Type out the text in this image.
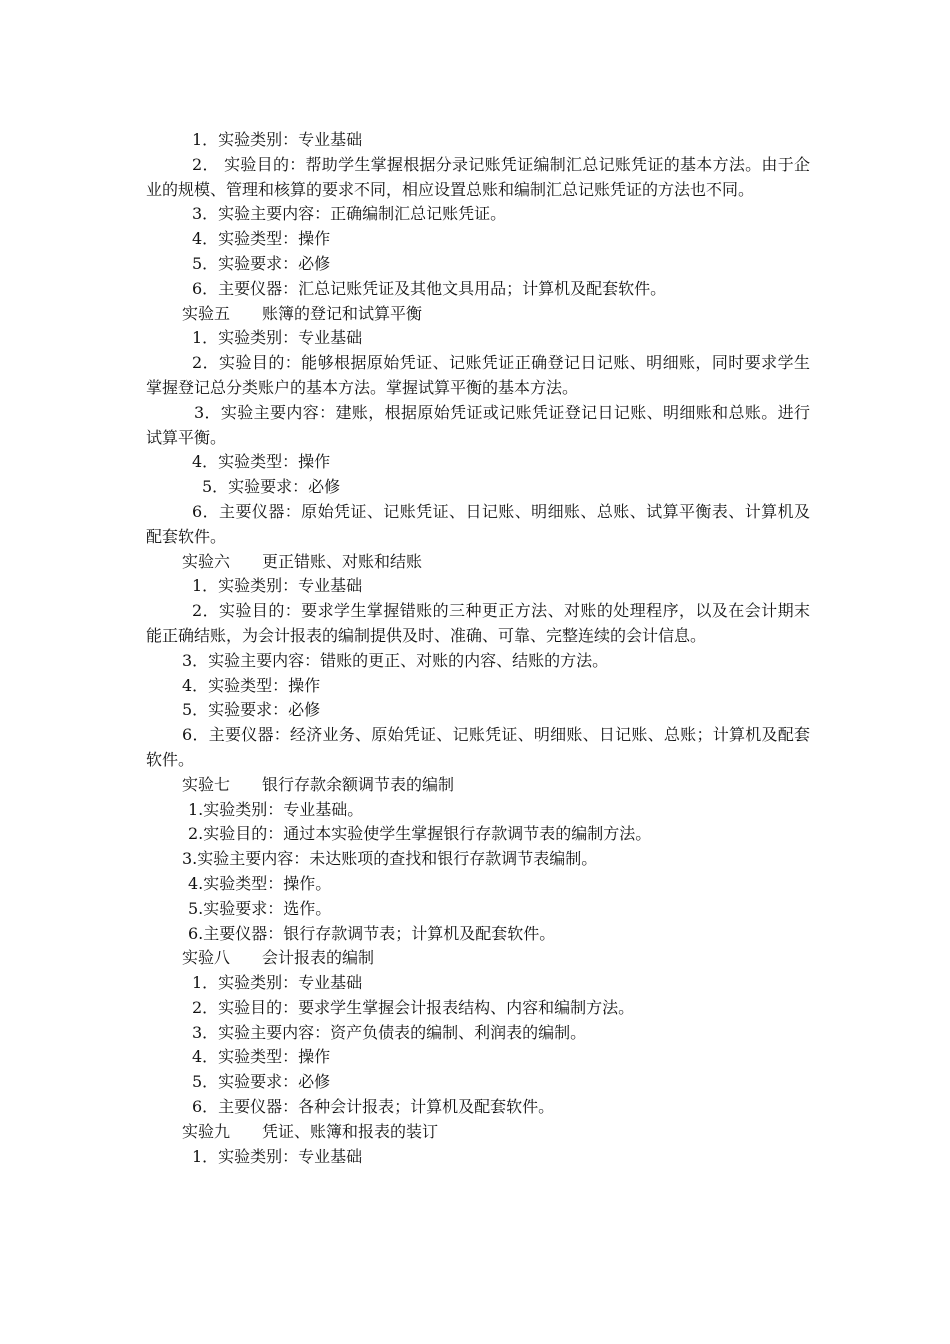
1．实验类别：专业基础
2． 实验目的：帮助学生掌握根据分录记账凭证编制汇总记账凭证的基本方法。由于企业的规模、管理和核算的要求不同，相应设置总账和编制汇总记账凭证的方法也不同。
3．实验主要内容：正确编制汇总记账凭证。
4．实验类型：操作
5．实验要求：必修
6．主要仪器：汇总记账凭证及其他文具用品；计算机及配套软件。
实验五　　账簿的登记和试算平衡
1．实验类别：专业基础
2．实验目的：能够根据原始凭证、记账凭证正确登记日记账、明细账，同时要求学生掌握登记总分类账户的基本方法。掌握试算平衡的基本方法。
3．实验主要内容：建账，根据原始凭证或记账凭证登记日记账、明细账和总账。进行试算平衡。
4．实验类型：操作
5．实验要求：必修
6．主要仪器：原始凭证、记账凭证、日记账、明细账、总账、试算平衡表、计算机及配套软件。
实验六　　更正错账、对账和结账
1．实验类别：专业基础
2．实验目的：要求学生掌握错账的三种更正方法、对账的处理程序，以及在会计期末能正确结账，为会计报表的编制提供及时、准确、可靠、完整连续的会计信息。
3．实验主要内容：错账的更正、对账的内容、结账的方法。
4．实验类型：操作
5．实验要求：必修
6．主要仪器：经济业务、原始凭证、记账凭证、明细账、日记账、总账；计算机及配套软件。
实验七　　银行存款余额调节表的编制
1.实验类别：专业基础。
2.实验目的：通过本实验使学生掌握银行存款调节表的编制方法。
3.实验主要内容：未达账项的查找和银行存款调节表编制。
4.实验类型：操作。
5.实验要求：选作。
6.主要仪器：银行存款调节表；计算机及配套软件。
实验八　　会计报表的编制
1．实验类别：专业基础
2．实验目的：要求学生掌握会计报表结构、内容和编制方法。
3．实验主要内容：资产负债表的编制、利润表的编制。
4．实验类型：操作
5．实验要求：必修
6．主要仪器：各种会计报表；计算机及配套软件。
实验九　　凭证、账簿和报表的装订
1．实验类别：专业基础
